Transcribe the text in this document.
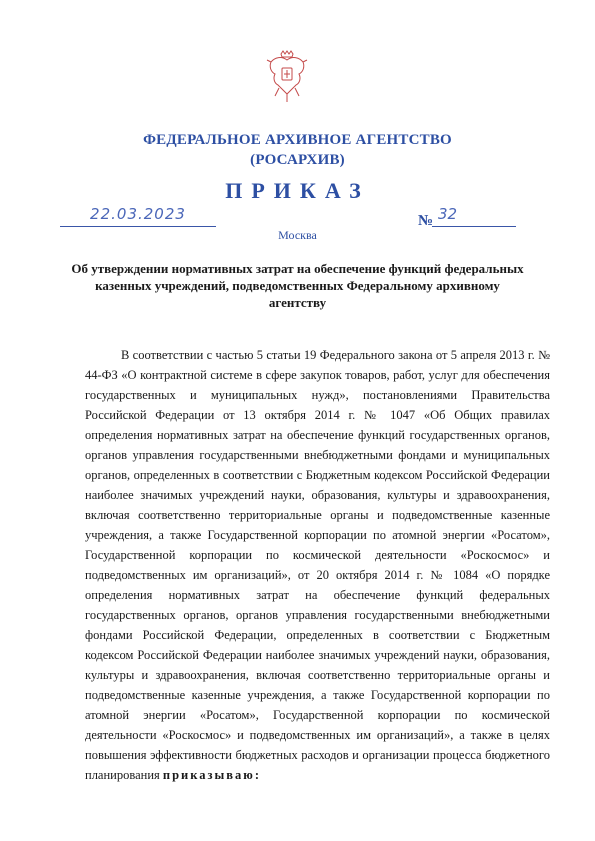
ФЕДЕРАЛЬНОЕ АРХИВНОЕ АГЕНТСТВО
(РОСАРХИВ)
ПРИКАЗ
22.03.2023	№ 32
Москва
Об утверждении нормативных затрат на обеспечение функций федеральных казенных учреждений, подведомственных Федеральному архивному агентству
В соответствии с частью 5 статьи 19 Федерального закона от 5 апреля 2013 г. № 44-ФЗ «О контрактной системе в сфере закупок товаров, работ, услуг для обеспечения государственных и муниципальных нужд», постановлениями Правительства Российской Федерации от 13 октября 2014 г. № 1047 «Об Общих правилах определения нормативных затрат на обеспечение функций государственных органов, органов управления государственными внебюджетными фондами и муниципальных органов, определенных в соответствии с Бюджетным кодексом Российской Федерации наиболее значимых учреждений науки, образования, культуры и здравоохранения, включая соответственно территориальные органы и подведомственные казенные учреждения, а также Государственной корпорации по атомной энергии «Росатом», Государственной корпорации по космической деятельности «Роскосмос» и подведомственных им организаций», от 20 октября 2014 г. № 1084 «О порядке определения нормативных затрат на обеспечение функций федеральных государственных органов, органов управления государственными внебюджетными фондами Российской Федерации, определенных в соответствии с Бюджетным кодексом Российской Федерации наиболее значимых учреждений науки, образования, культуры и здравоохранения, включая соответственно территориальные органы и подведомственные казенные учреждения, а также Государственной корпорации по атомной энергии «Росатом», Государственной корпорации по космической деятельности «Роскосмос» и подведомственных им организаций», а также в целях повышения эффективности бюджетных расходов и организации процесса бюджетного планирования приказываю:
